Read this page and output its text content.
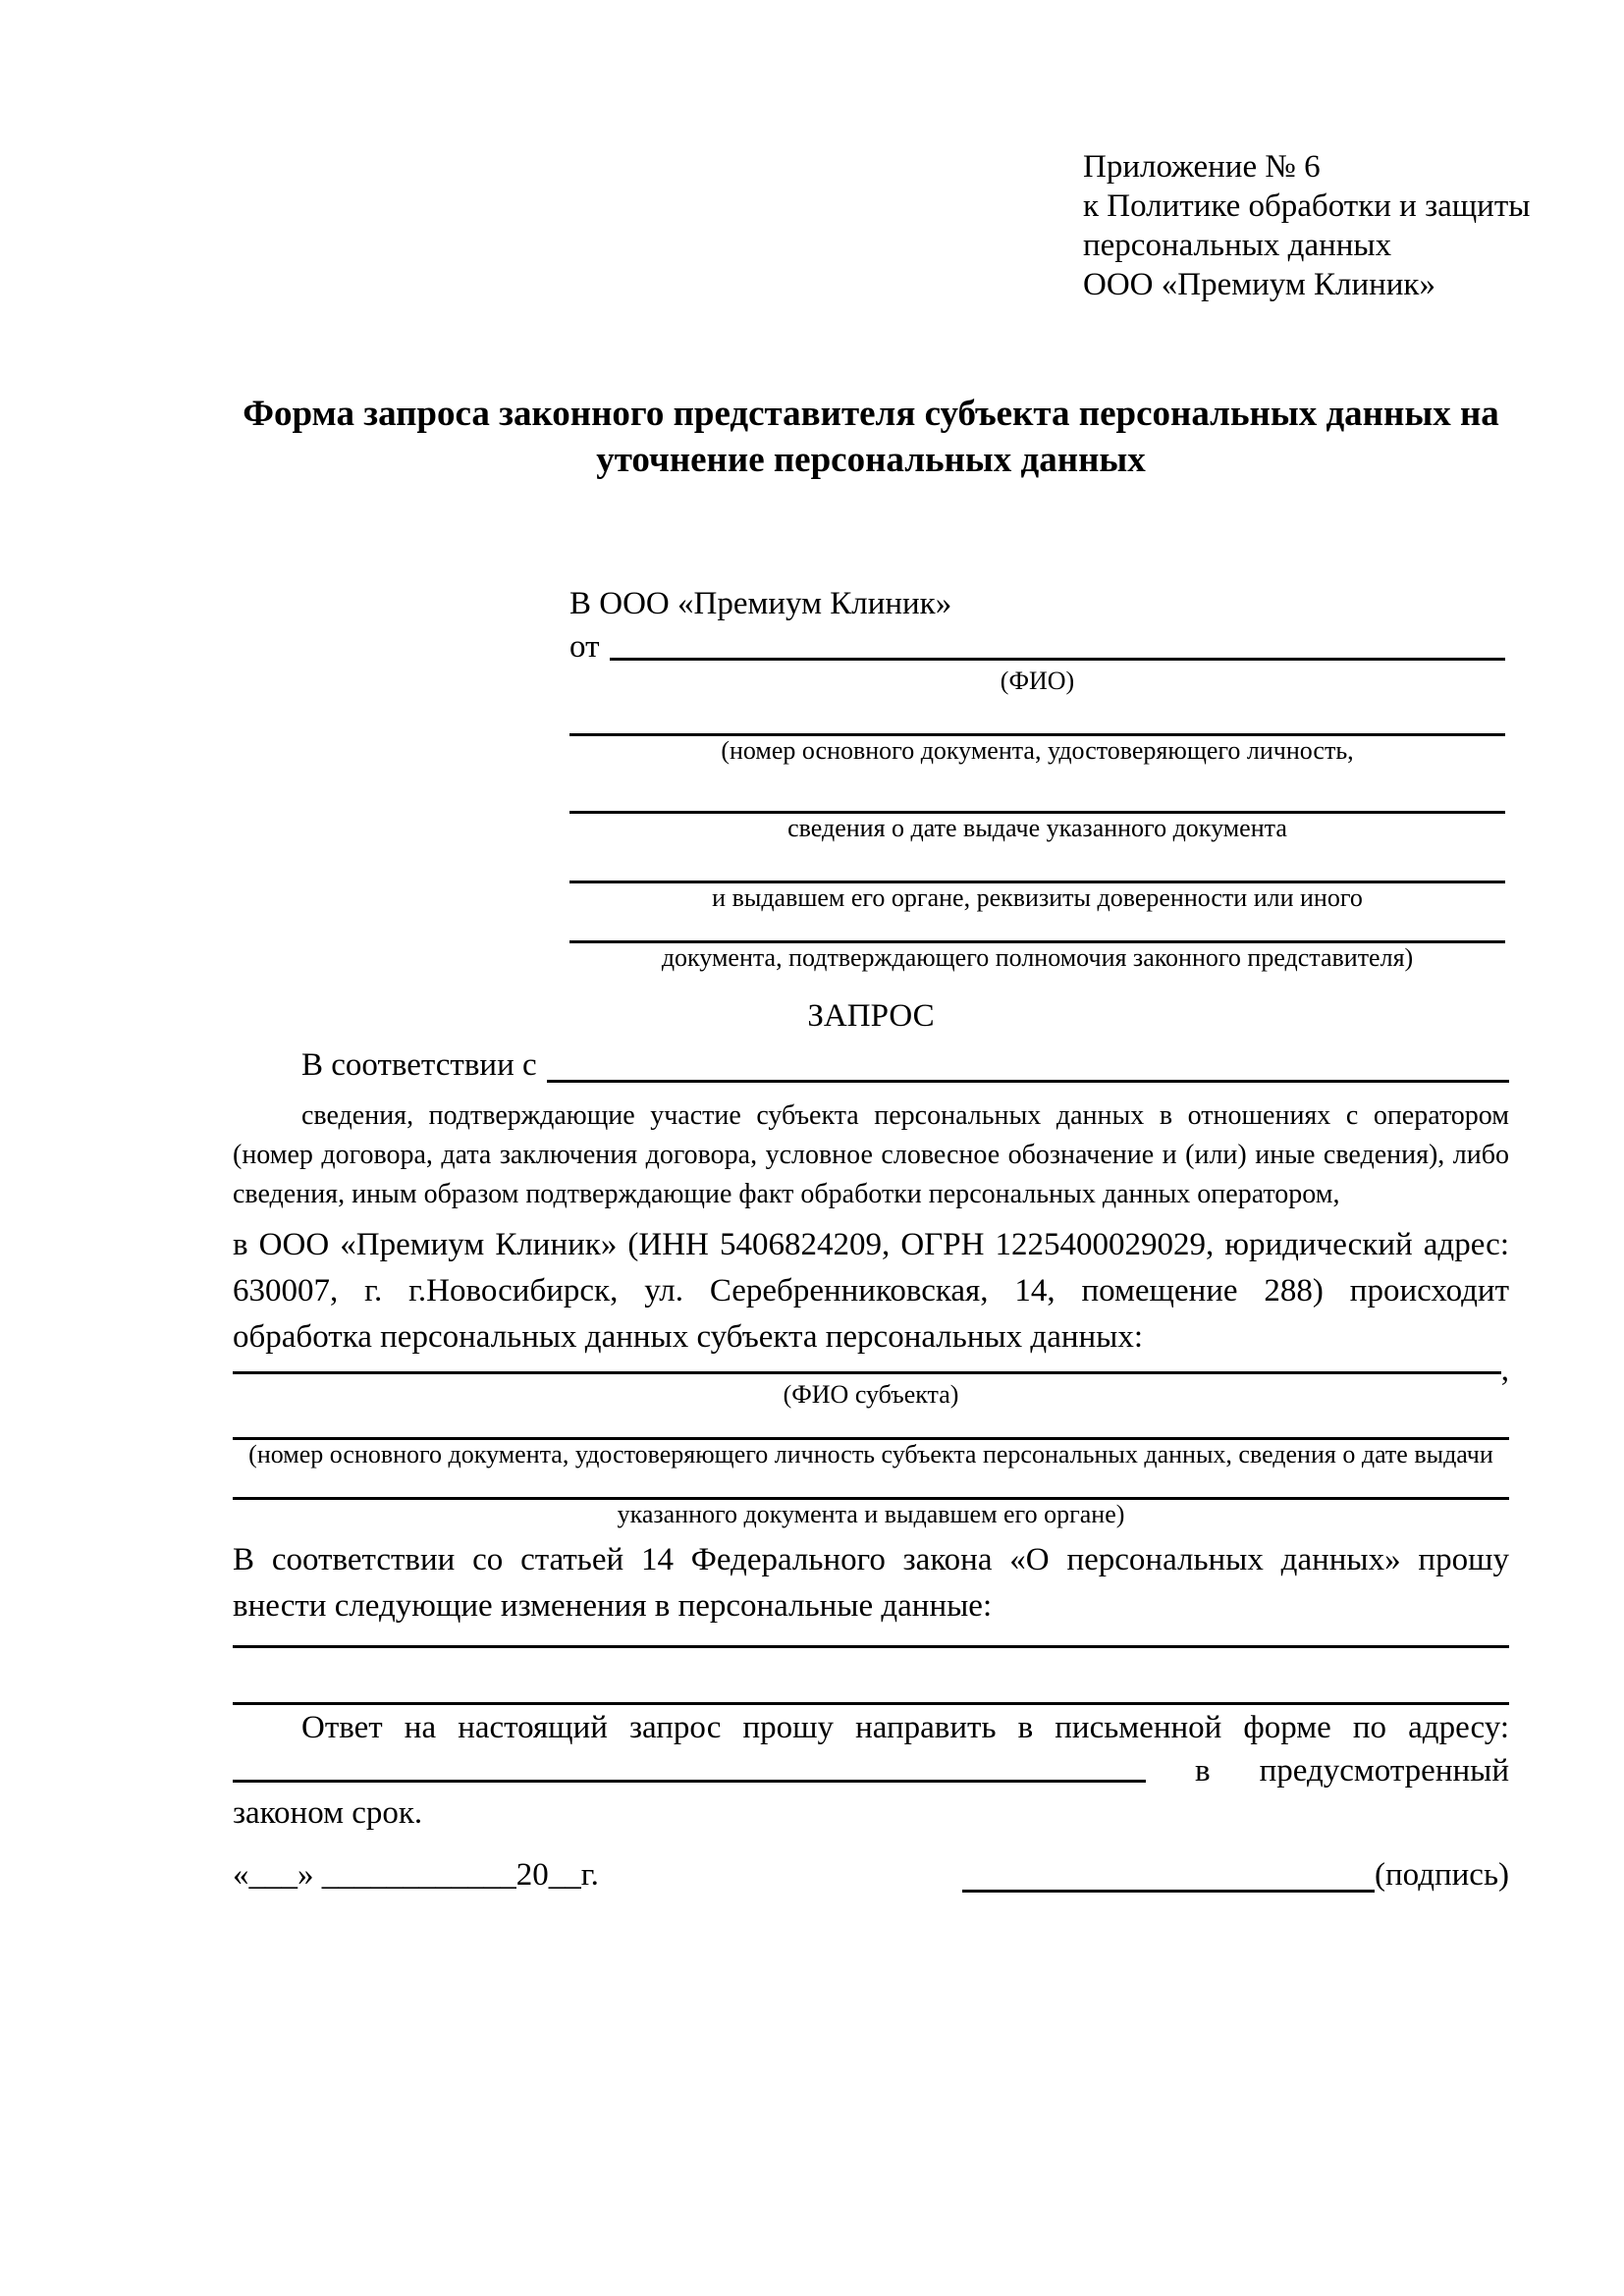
Приложение № 6
к Политике обработки и защиты
персональных данных
ООО «Премиум Клиник»
Форма запроса законного представителя субъекта персональных данных на уточнение персональных данных
В ООО «Премиум Клиник»
от
(ФИО)
(номер основного документа, удостоверяющего личность,
сведения о дате выдаче указанного документа
и выдавшем его органе, реквизиты доверенности или иного
документа, подтверждающего полномочия законного представителя)
ЗАПРОС
В соответствии с
сведения, подтверждающие участие субъекта персональных данных в отношениях с оператором (номер договора, дата заключения договора, условное словесное обозначение и (или) иные сведения), либо сведения, иным образом подтверждающие факт обработки персональных данных оператором,
в ООО «Премиум Клиник» (ИНН 5406824209, ОГРН 1225400029029, юридический адрес: 630007, г. г.Новосибирск, ул. Серебренниковская, 14, помещение 288) происходит обработка персональных данных субъекта персональных данных:
,
(ФИО субъекта)
(номер основного документа, удостоверяющего личность субъекта персональных данных, сведения о дате выдачи
указанного документа и выдавшем его органе)
В соответствии со статьей 14 Федерального закона «О персональных данных» прошу внести следующие изменения в персональные данные:
Ответ на настоящий запрос прошу направить в письменной форме по адресу:
в предусмотренный
законом срок.
«___» ____________20__г.	(подпись)
